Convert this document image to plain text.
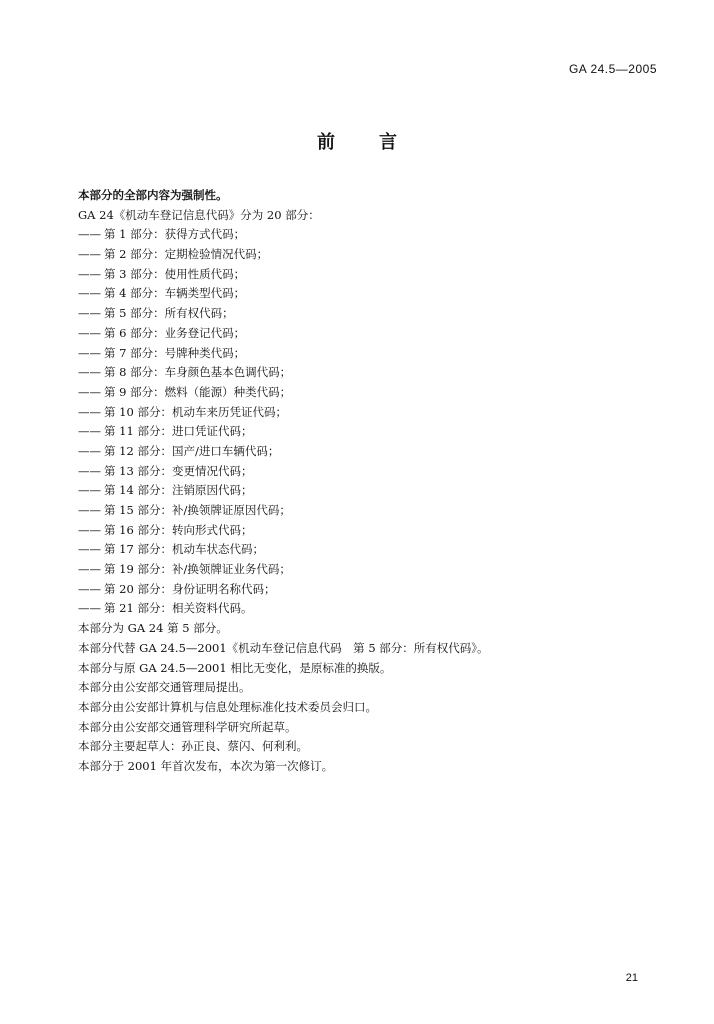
GA 24.5—2005
前言
本部分的全部内容为强制性。
GA 24《机动车登记信息代码》分为 20 部分：
—— 第 1 部分：获得方式代码；
—— 第 2 部分：定期检验情况代码；
—— 第 3 部分：使用性质代码；
—— 第 4 部分：车辆类型代码；
—— 第 5 部分：所有权代码；
—— 第 6 部分：业务登记代码；
—— 第 7 部分：号牌种类代码；
—— 第 8 部分：车身颜色基本色调代码；
—— 第 9 部分：燃料（能源）种类代码；
—— 第 10 部分：机动车来历凭证代码；
—— 第 11 部分：进口凭证代码；
—— 第 12 部分：国产/进口车辆代码；
—— 第 13 部分：变更情况代码；
—— 第 14 部分：注销原因代码；
—— 第 15 部分：补/换领牌证原因代码；
—— 第 16 部分：转向形式代码；
—— 第 17 部分：机动车状态代码；
—— 第 19 部分：补/换领牌证业务代码；
—— 第 20 部分：身份证明名称代码；
—— 第 21 部分：相关资料代码。
本部分为 GA 24 第 5 部分。
本部分代替 GA 24.5—2001《机动车登记信息代码　第 5 部分：所有权代码》。
本部分与原 GA 24.5—2001 相比无变化，是原标准的换版。
本部分由公安部交通管理局提出。
本部分由公安部计算机与信息处理标准化技术委员会归口。
本部分由公安部交通管理科学研究所起草。
本部分主要起草人：孙正良、蔡闪、何利利。
本部分于 2001 年首次发布，本次为第一次修订。
21
